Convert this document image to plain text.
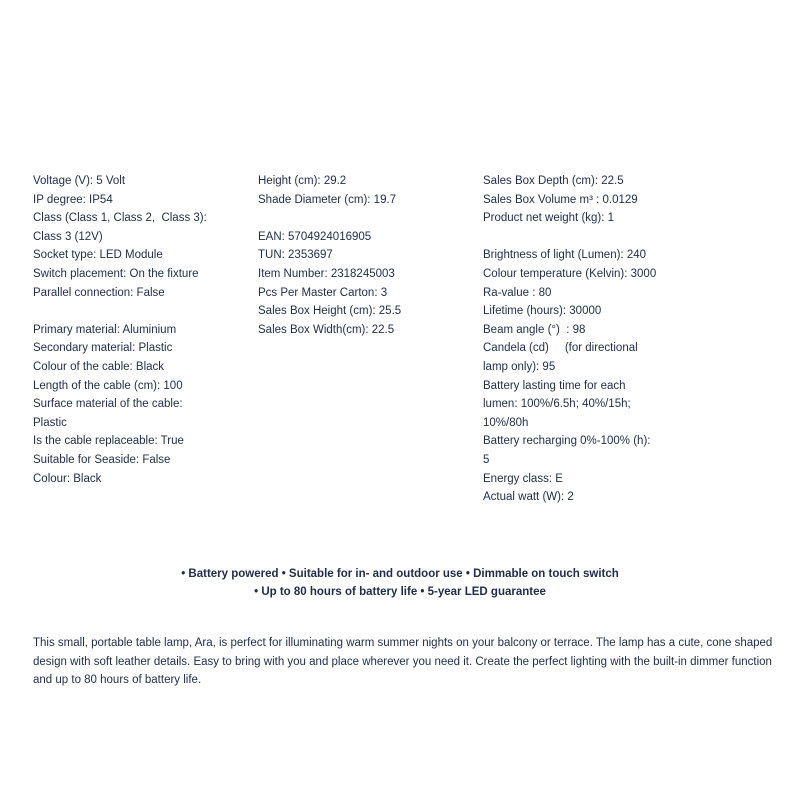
Voltage (V): 5 Volt
IP degree: IP54
Class (Class 1, Class 2,  Class 3):
Class 3 (12V)
Socket type: LED Module
Switch placement: On the fixture
Parallel connection: False
Primary material: Aluminium
Secondary material: Plastic
Colour of the cable: Black
Length of the cable (cm): 100
Surface material of the cable:
Plastic
Is the cable replaceable: True
Suitable for Seaside: False
Colour: Black
Height (cm): 29.2
Shade Diameter (cm): 19.7
EAN: 5704924016905
TUN: 2353697
Item Number: 2318245003
Pcs Per Master Carton: 3
Sales Box Height (cm): 25.5
Sales Box Width(cm): 22.5
Sales Box Depth (cm): 22.5
Sales Box Volume m³ : 0.0129
Product net weight (kg): 1
Brightness of light (Lumen): 240
Colour temperature (Kelvin): 3000
Ra-value : 80
Lifetime (hours): 30000
Beam angle (°)  : 98
Candela (cd)     (for directional
lamp only): 95
Battery lasting time for each
lumen: 100%/6.5h; 40%/15h;
10%/80h
Battery recharging 0%-100% (h):
5
Energy class: E
Actual watt (W): 2
• Battery powered • Suitable for in- and outdoor use • Dimmable on touch switch
• Up to 80 hours of battery life • 5-year LED guarantee
This small, portable table lamp, Ara, is perfect for illuminating warm summer nights on your balcony or terrace. The lamp has a cute, cone shaped design with soft leather details. Easy to bring with you and place wherever you need it. Create the perfect lighting with the built-in dimmer function and up to 80 hours of battery life.
